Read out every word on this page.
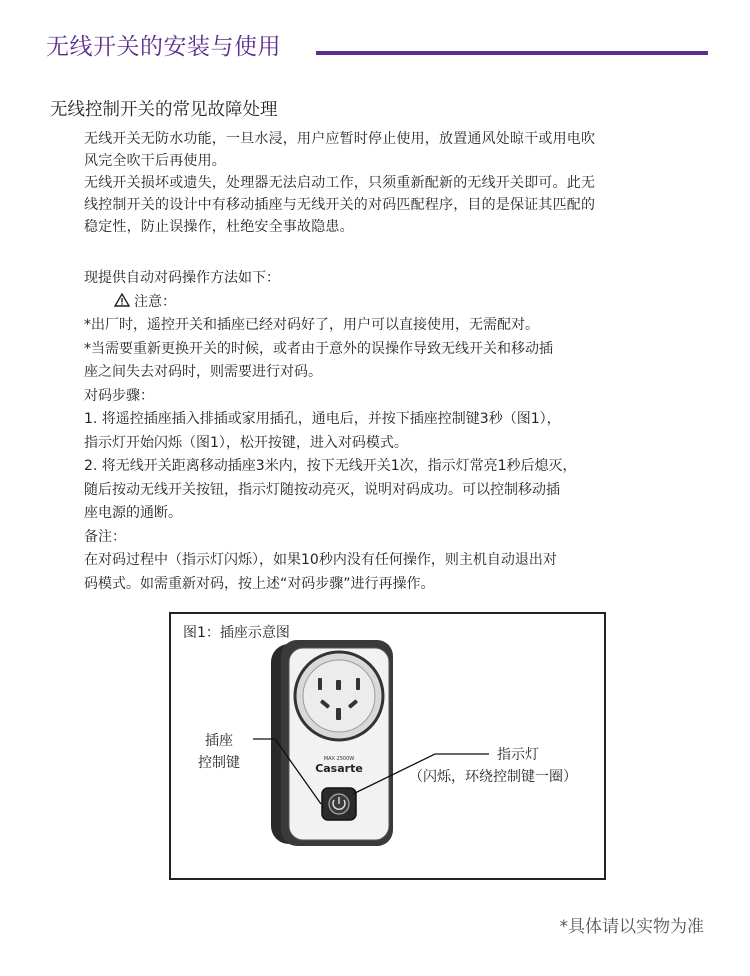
无线开关的安装与使用
无线控制开关的常见故障处理

无线开关无防水功能，一旦水浸，用户应暂时停止使用，放置通风处晾干或用电吹

风完全吹干后再使用。

无线开关损坏或遗失，处理器无法启动工作，只须重新配新的无线开关即可。此无

线控制开关的设计中有移动插座与无线开关的对码匹配程序，目的是保证其匹配的

稳定性，防止误操作，杜绝安全事故隐患。

现提供自动对码操作方法如下：

注意：

*出厂时，遥控开关和插座已经对码好了，用户可以直接使用，无需配对。

*当需要重新更换开关的时候，或者由于意外的误操作导致无线开关和移动插

座之间失去对码时，则需要进行对码。

对码步骤：

1. 将遥控插座插入排插或家用插孔，通电后，并按下插座控制键3秒（图1），

指示灯开始闪烁（图1），松开按键，进入对码模式。

2. 将无线开关距离移动插座3米内，按下无线开关1次，指示灯常亮1秒后熄灭，

随后按动无线开关按钮，指示灯随按动亮灭，说明对码成功。可以控制移动插

座电源的通断。

备注：

在对码过程中（指示灯闪烁），如果10秒内没有任何操作，则主机自动退出对

码模式。如需重新对码，按上述“对码步骤”进行再操作。

图1：插座示意图
MAX 2500W
Casarte
插座
控制键	指示灯
（闪烁，环绕控制键一圈）
*具体请以实物为准
